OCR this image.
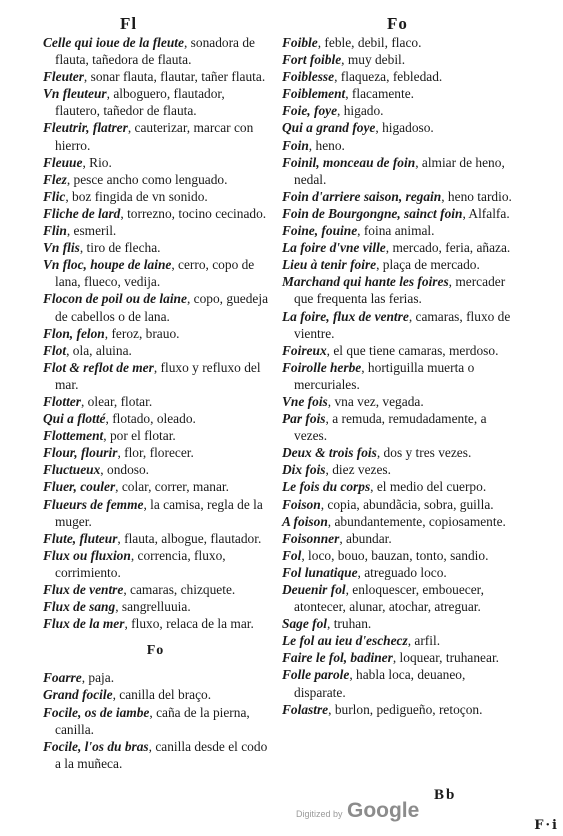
Fl	Fo
Celle qui ioue de la fleute, sonadora de flauta, tañedora de flauta.
Fleuter, sonar flauta, flautar, tañer flauta.
Vn fleuteur, alboguero, flautador, flautero, tañedor de flauta.
Fleutrir, flatrer, cauterizar, marcar con hierro.
Fleuue, Rio.
Flez, pesce ancho como lenguado.
Flic, boz fingida de vn sonido.
Fliche de lard, torrezno, tocino cecinado.
Flin, esmeril.
Vn flis, tiro de flecha.
Vn floc, houpe de laine, cerro, copo de lana, flueco, vedija.
Flocon de poil ou de laine, copo, guedeja de cabellos o de lana.
Flon, felon, feroz, brauo.
Flot, ola, aluina.
Flot & reflot de mer, fluxo y refluxo del mar.
Flotter, olear, flotar.
Qui a flotté, flotado, oleado.
Flottement, por el flotar.
Flour, flourir, flor, florecer.
Fluctueux, ondoso.
Fluer, couler, colar, correr, manar.
Flueurs de femme, la camisa, regla de la muger.
Flute, fluteur, flauta, albogue, flautador.
Flux ou fluxion, correncia, fluxo, corrimiento.
Flux de ventre, camaras, chizquete.
Flux de sang, sangrelluuia.
Flux de la mer, fluxo, relaca de la mar.
Fo
Foarre, paja.
Grand focile, canilla del braço.
Focile, os de iambe, caña de la pierna, canilla.
Focile, l'os du bras, canilla desde el codo a la muñeca.
Foible, feble, debil, flaco.
Fort foible, muy debil.
Foiblesse, flaqueza, febledad.
Foiblement, flacamente.
Foie, foye, higado.
Qui a grand foye, higadoso.
Foin, heno.
Foinil, monceau de foin, almiar de heno, nedal.
Foin d'arriere saison, regain, heno tardio.
Foin de Bourgongne, sainct foin, Alfalfa.
Foine, fouine, foina animal.
La foire d'vne ville, mercado, feria, añaza.
Lieu à tenir foire, plaça de mercado.
Marchand qui hante les foires, mercader que frequenta las ferias.
La foire, flux de ventre, camaras, fluxo de vientre.
Foireux, el que tiene camaras, merdoso.
Foirolle herbe, hortiguilla muerta o mercuriales.
Vne fois, vna vez, vegada.
Par fois, a remuda, remudadamente, a vezes.
Deux & trois fois, dos y tres vezes.
Dix fois, diez vezes.
Le fois du corps, el medio del cuerpo.
Foison, copia, abundãcia, sobra, guilla.
A foison, abundantemente, copiosamente.
Foisonner, abundar.
Fol, loco, bouo, bauzan, tonto, sandio.
Fol lunatique, atreguado loco.
Deuenir fol, enloquescer, embouecer, atontecer, alunar, atochar, atreguar.
Sage fol, truhan.
Le fol au ieu d'eschecz, arfil.
Faire le fol, badiner, loquear, truhanear.
Folle parole, habla loca, deuaneo, disparate.
Folastre, burlon, pedigueño, retoçon.
Bb
Digitized by Google
F·i
